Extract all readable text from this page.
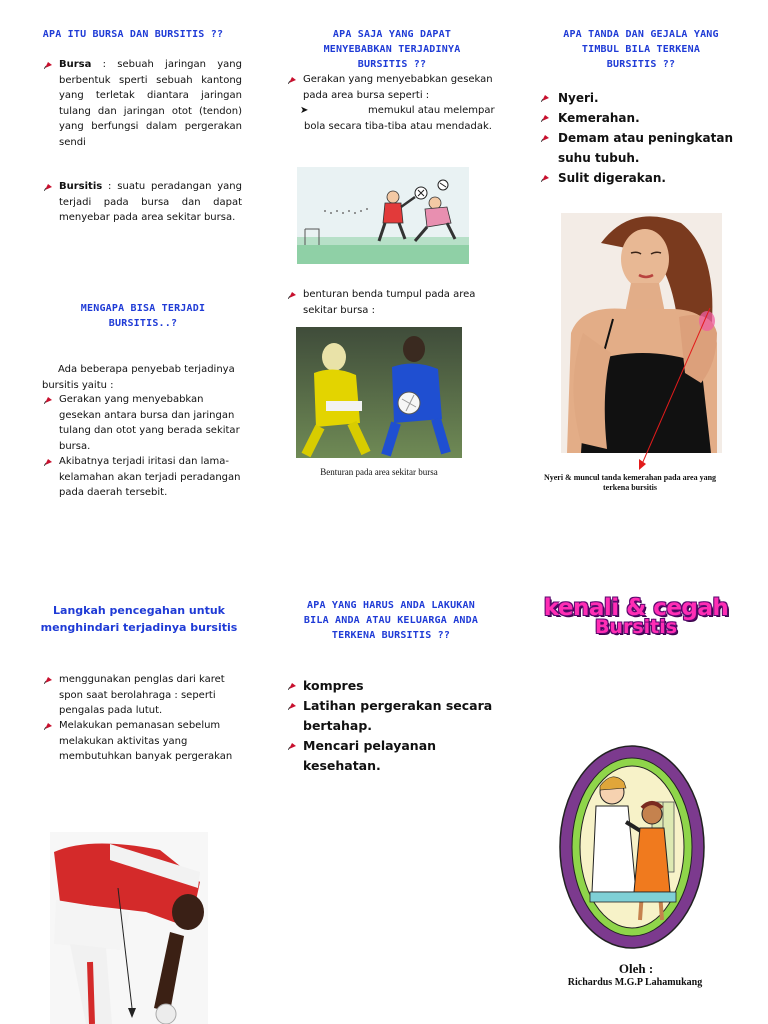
APA ITU BURSA DAN BURSITIS ??
Bursa : sebuah jaringan yang berbentuk sperti sebuah kantong yang terletak diantara jaringan tulang dan jaringan otot (tendon) yang berfungsi dalam pergerakan sendi
Bursitis : suatu peradangan yang terjadi pada bursa dan dapat menyebar pada area sekitar bursa.
MENGAPA BISA TERJADI
BURSITIS..?
Ada beberapa penyebab terjadinya bursitis yaitu :
Gerakan yang menyebabkan gesekan antara bursa dan jaringan tulang dan otot yang berada sekitar bursa.
Akibatnya terjadi iritasi dan lama-kelamahan akan terjadi peradangan pada daerah tersebit.
APA SAJA YANG DAPAT
MENYEBABKAN TERJADINYA
BURSITIS ??
Gerakan yang menyebabkan gesekan pada area bursa seperti :
➤	memukul atau melempar bola secara tiba-tiba atau mendadak.
benturan benda tumpul pada area sekitar bursa :
Benturan pada area sekitar bursa
APA TANDA DAN GEJALA YANG
TIMBUL BILA TERKENA
BURSITIS ??
Nyeri.
Kemerahan.
Demam atau peningkatan suhu tubuh.
Sulit digerakan.
Nyeri & muncul tanda kemerahan pada area yang terkena bursitis
Langkah pencegahan untuk
menghindari terjadinya bursitis
menggunakan penglas dari karet spon saat berolahraga : seperti pengalas pada lutut.
Melakukan pemanasan sebelum melakukan aktivitas yang membutuhkan banyak pergerakan
APA YANG HARUS ANDA LAKUKAN
BILA ANDA ATAU KELUARGA ANDA
TERKENA BURSITIS ??
kompres
Latihan pergerakan secara bertahap.
Mencari pelayanan kesehatan.
kenali & cegah
Bursitis
Oleh :
Richardus M.G.P Lahamukang
